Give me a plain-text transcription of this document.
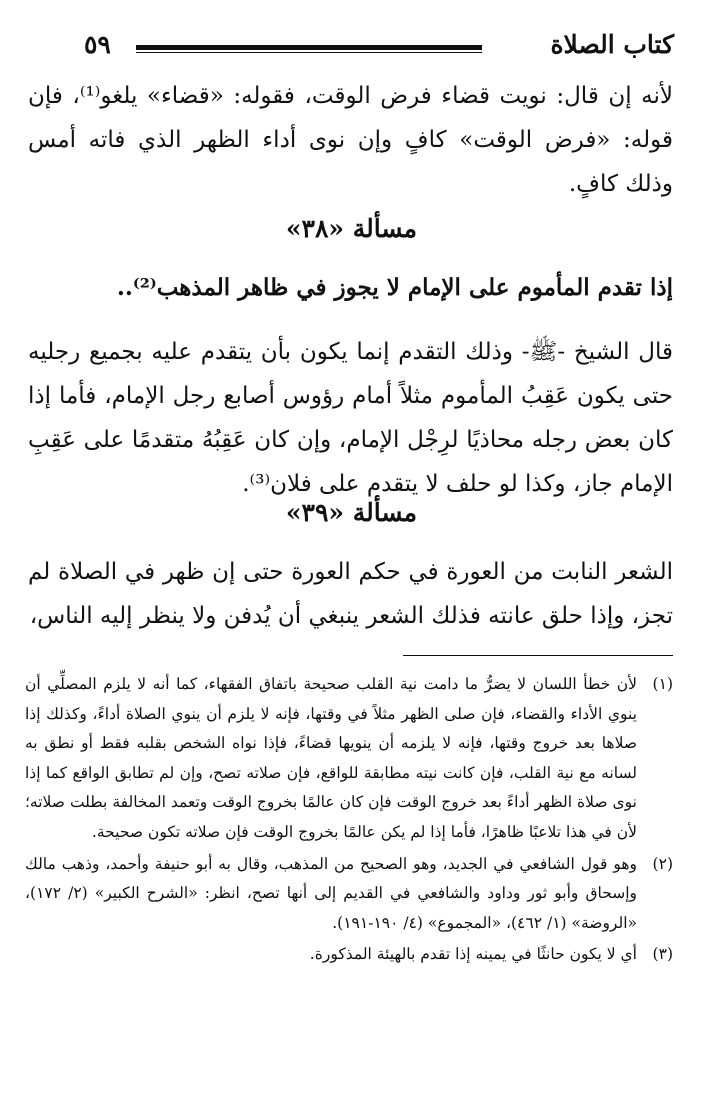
كتاب الصلاة
٥٩

لأنه إن قال: نويت قضاء فرض الوقت، فقوله: «قضاء» يلغو⁽¹⁾، فإن قوله: «فرض الوقت» كافٍ وإن نوى أداء الظهر الذي فاته أمس وذلك كافٍ.

مسألة «٣٨»
إذا تقدم المأموم على الإمام لا يجوز في ظاهر المذهب⁽²⁾..

قال الشيخ -ﷺ- وذلك التقدم إنما يكون بأن يتقدم عليه بجميع رجليه حتى يكون عَقِبُ المأموم مثلاً أمام رؤوس أصابع رجل الإمام، فأما إذا كان بعض رجله محاذيًا لرِجْل الإمام، وإن كان عَقِبُهُ متقدمًا على عَقِبِ الإمام جاز، وكذا لو حلف لا يتقدم على فلان⁽³⁾.

مسألة «٣٩»

الشعر النابت من العورة في حكم العورة حتى إن ظهر في الصلاة لم تجز، وإذا حلق عانته فذلك الشعر ينبغي أن يُدفن ولا ينظر إليه الناس،

(١)
لأن خطأ اللسان لا يضرُّ ما دامت نية القلب صحيحة باتفاق الفقهاء، كما أنه لا يلزم المصلِّي أن ينوي الأداء والقضاء، فإن صلى الظهر مثلاً في وقتها، فإنه لا يلزم أن ينوي الصلاة أداءً، وكذلك إذا صلاها بعد خروج وقتها، فإنه لا يلزمه أن ينويها قضاءً، فإذا نواه الشخص بقلبه فقط أو نطق به لسانه مع نية القلب، فإن كانت نيته مطابقة للواقع، فإن صلاته تصح، وإن لم تطابق الواقع كما إذا نوى صلاة الظهر أداءً بعد خروج الوقت فإن كان عالمًا بخروج الوقت وتعمد المخالفة بطلت صلاته؛ لأن في هذا تلاعبًا ظاهرًا، فأما إذا لم يكن عالمًا بخروج الوقت فإن صلاته تكون صحيحة.
(٢)
وهو قول الشافعي في الجديد، وهو الصحيح من المذهب، وقال به أبو حنيفة وأحمد، وذهب مالك وإسحاق وأبو ثور وداود والشافعي في القديم إلى أنها تصح، انظر: «الشرح الكبير» (٢/ ١٧٢)، «الروضة» (١/ ٤٦٢)، «المجموع» (٤/ ١٩٠-١٩١).
(٣)
أي لا يكون حانثًا في يمينه إذا تقدم بالهيئة المذكورة.
